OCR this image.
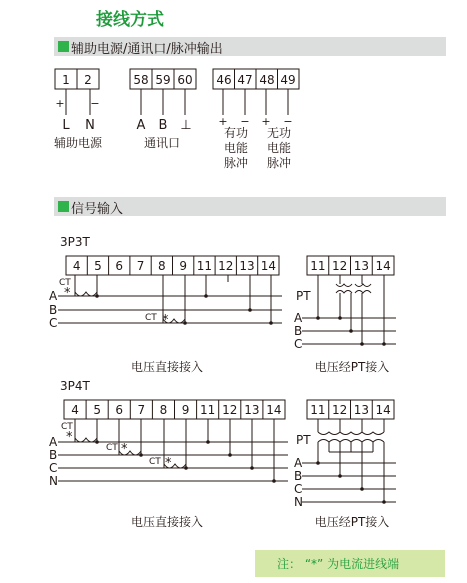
接线方式
辅助电源/通讯口/脉冲输出
信号输入
1 2	58 59 60 46 47 48 49
+ −
+ − + −
L N	A B ⊥
辅助电源	通讯口
有功
电能
脉冲
无功
电能
脉冲
3P3T
4 5 6 7 8 9 11 12 13 14
CT
CT
*
*
A
B
C
电压直接接入
11 12 13 14
PT
A
B
C
电压经PT接入
3P4T
4 5 6 7 8 9 11 12 13 14
CT
CT
CT
*
*
*
A
B
C
N
电压直接接入
11 12 13 14
PT
A
B
C
N
电压经PT接入
注： “*” 为电流进线端
